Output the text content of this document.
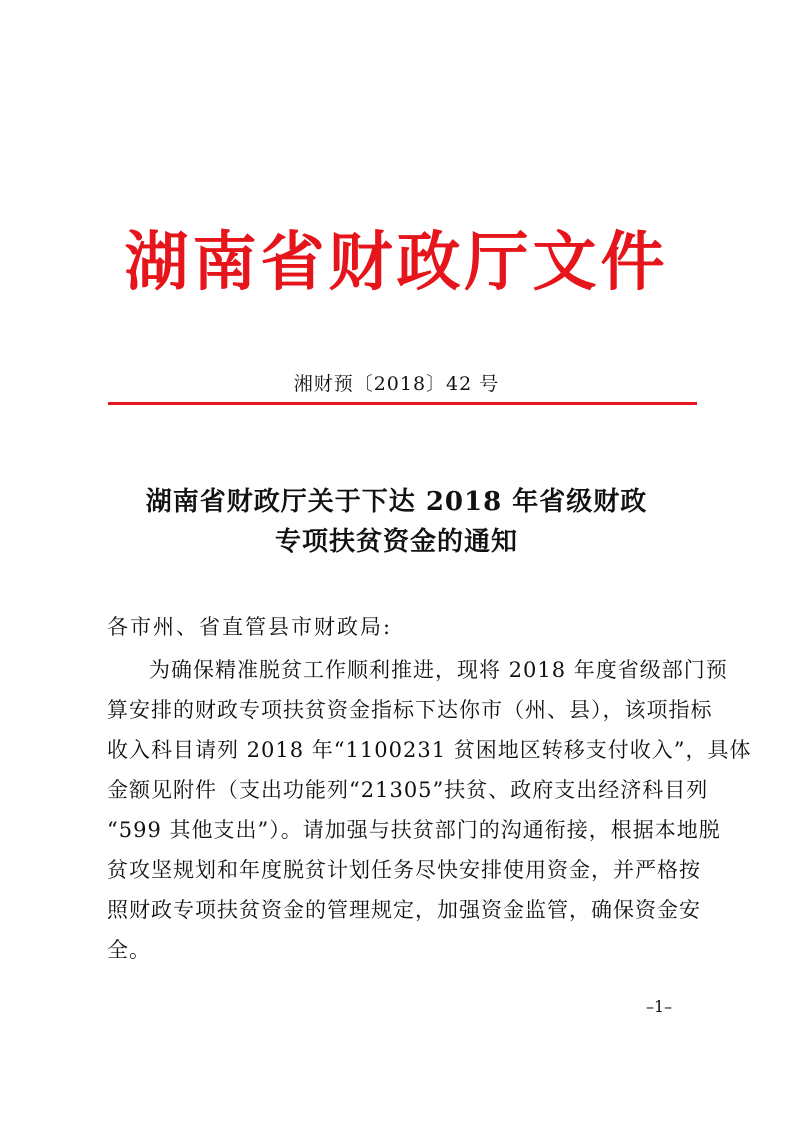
湖南省财政厅文件
湘财预〔2018〕42 号
湖南省财政厅关于下达 2018 年省级财政
专项扶贫资金的通知
各市州、省直管县市财政局:
为确保精准脱贫工作顺利推进，现将 2018 年度省级部门预
算安排的财政专项扶贫资金指标下达你市（州、县），该项指标
收入科目请列 2018 年“1100231 贫困地区转移支付收入”，具体
金额见附件（支出功能列“21305”扶贫、政府支出经济科目列
“599 其他支出”）。请加强与扶贫部门的沟通衔接，根据本地脱
贫攻坚规划和年度脱贫计划任务尽快安排使用资金，并严格按
照财政专项扶贫资金的管理规定，加强资金监管，确保资金安
全。
–1–
